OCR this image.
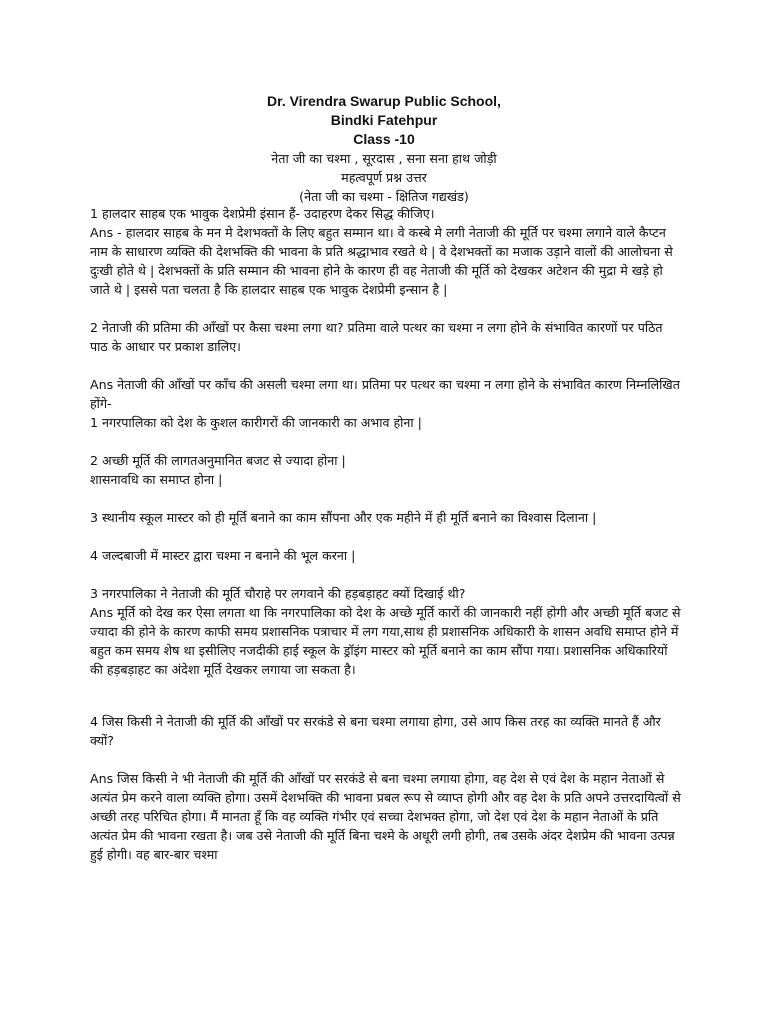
Dr. Virendra Swarup Public School,
Bindki Fatehpur
Class -10
नेता जी का चश्मा , सूरदास , सना सना हाथ जोड़ी
महत्वपूर्ण प्रश्न उत्तर
(नेता जी का चश्मा - क्षितिज गद्यखंड)

1 हालदार साहब एक भावुक देशप्रेमी इंसान हैं- उदाहरण देकर सिद्ध कीजिए।

Ans - हालदार साहब के मन मे देशभक्तों के लिए बहुत सम्मान था। वे कस्बे मे लगी नेताजी की मूर्ति पर चश्मा लगाने वाले कैप्टन नाम के साधारण व्यक्ति की देशभक्ति की भावना के प्रति श्रद्धाभाव रखते थे | वे देशभक्तों का मजाक उड़ाने वालों की आलोचना से दुःखी होते थे | देशभक्तों के प्रति सम्मान की भावना होने के कारण ही वह नेताजी की मूर्ति को देखकर अटेशन की मुद्रा मे खड़े हो जाते थे | इससे पता चलता है कि हालदार साहब एक भावुक देशप्रेमी इन्सान है |

2 नेताजी की प्रतिमा की आँखों पर कैसा चश्मा लगा था? प्रतिमा वाले पत्थर का चश्मा न लगा होने के संभावित कारणों पर पठित पाठ के आधार पर प्रकाश डालिए।

Ans नेताजी की आँखों पर काँच की असली चश्मा लगा था। प्रतिमा पर पत्थर का चश्मा न लगा होने के संभावित कारण निम्नलिखित होंगे-

1 नगरपालिका को देश के कुशल कारीगरों की जानकारी का अभाव होना |

2 अच्छी मूर्ति की लागतअनुमानित बजट से ज्यादा होना |

शासनावधि का समाप्त होना |

3 स्थानीय स्कूल मास्टर को ही मूर्ति बनाने का काम सौंपना और एक महीने में ही मूर्ति बनाने का विश्वास दिलाना |

4 जल्दबाजी में मास्टर द्वारा चश्मा न बनाने की भूल करना |

3 नगरपालिका ने नेताजी की मूर्ति चौराहे पर लगवाने की हड़बड़ाहट क्यों दिखाई थी?

Ans मूर्ति को देख कर ऐसा लगता था कि नगरपालिका को देश के अच्छे मूर्ति कारों की जानकारी नहीं होगी और अच्छी मूर्ति बजट से ज्यादा की होने के कारण काफी समय प्रशासनिक पत्राचार में लग गया,साथ ही प्रशासनिक अधिकारी के शासन अवधि समाप्त होने में बहुत कम समय शेष था इसीलिए नजदीकी हाई स्कूल के ड्रॉइंग मास्टर को मूर्ति बनाने का काम सौंपा गया। प्रशासनिक अधिकारियों की हड़बड़ाहट का अंदेशा मूर्ति देखकर लगाया जा सकता है।

4 जिस किसी ने नेताजी की मूर्ति की आँखों पर सरकंडे से बना चश्मा लगाया होगा, उसे आप किस तरह का व्यक्ति मानते हैं और क्यों?

Ans जिस किसी ने भी नेताजी की मूर्ति की आँखों पर सरकंडे से बना चश्मा लगाया होगा, वह देश से एवं देश के महान नेताओं से अत्यंत प्रेम करने वाला व्यक्ति होगा। उसमें देशभक्ति की भावना प्रबल रूप से व्याप्त होगी और वह देश के प्रति अपने उत्तरदायित्वों से अच्छी तरह परिचित होगा। मैं मानता हूँ कि वह व्यक्ति गंभीर एवं सच्चा देशभक्त होगा, जो देश एवं देश के महान नेताओं के प्रति अत्यंत प्रेम की भावना रखता है। जब उसे नेताजी की मूर्ति बिना चश्मे के अधूरी लगी होगी, तब उसके अंदर देशप्रेम की भावना उत्पन्न हुई होगी। वह बार-बार चश्मा
